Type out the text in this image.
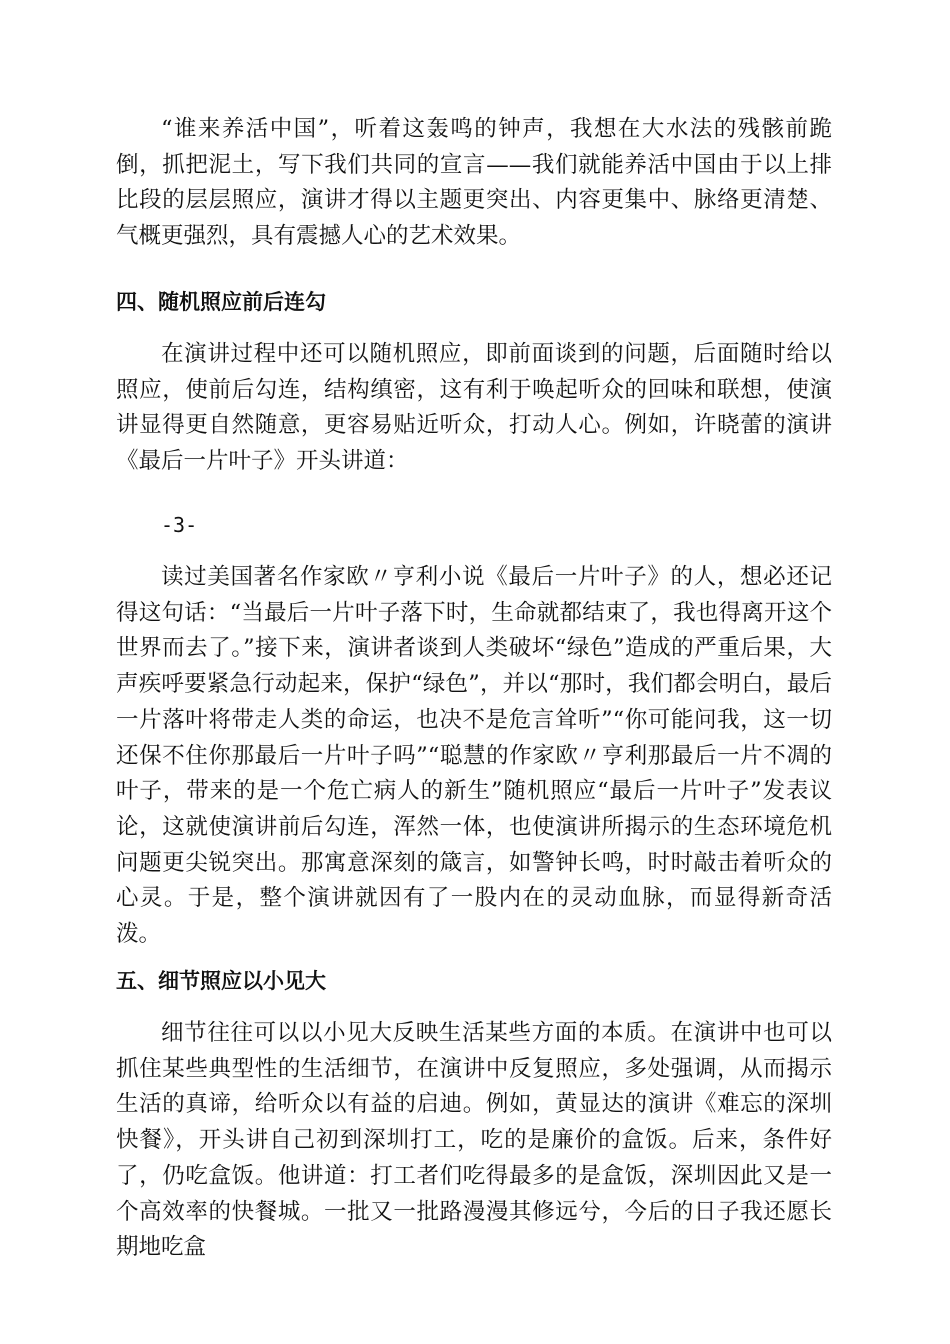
“谁来养活中国”，听着这轰鸣的钟声，我想在大水法的残骸前跪倒，抓把泥土，写下我们共同的宣言——我们就能养活中国由于以上排比段的层层照应，演讲才得以主题更突出、内容更集中、脉络更清楚、气概更强烈，具有震撼人心的艺术效果。

四、随机照应前后连勾

在演讲过程中还可以随机照应，即前面谈到的问题，后面随时给以照应，使前后勾连，结构缜密，这有利于唤起听众的回味和联想，使演讲显得更自然随意，更容易贴近听众，打动人心。例如，许晓蕾的演讲《最后一片叶子》开头讲道：

-3-

读过美国著名作家欧〃亨利小说《最后一片叶子》的人，想必还记得这句话：“当最后一片叶子落下时，生命就都结束了，我也得离开这个世界而去了。”接下来，演讲者谈到人类破坏“绿色”造成的严重后果，大声疾呼要紧急行动起来，保护“绿色”，并以“那时，我们都会明白，最后一片落叶将带走人类的命运，也决不是危言耸听”“你可能问我，这一切还保不住你那最后一片叶子吗”“聪慧的作家欧〃亨利那最后一片不凋的叶子，带来的是一个危亡病人的新生”随机照应“最后一片叶子”发表议论，这就使演讲前后勾连，浑然一体，也使演讲所揭示的生态环境危机问题更尖锐突出。那寓意深刻的箴言，如警钟长鸣，时时敲击着听众的心灵。于是，整个演讲就因有了一股内在的灵动血脉，而显得新奇活泼。

五、细节照应以小见大

细节往往可以以小见大反映生活某些方面的本质。在演讲中也可以抓住某些典型性的生活细节，在演讲中反复照应，多处强调，从而揭示生活的真谛，给听众以有益的启迪。例如，黄显达的演讲《难忘的深圳快餐》，开头讲自己初到深圳打工，吃的是廉价的盒饭。后来，条件好了，仍吃盒饭。他讲道：打工者们吃得最多的是盒饭，深圳因此又是一个高效率的快餐城。一批又一批路漫漫其修远兮，今后的日子我还愿长期地吃盒
